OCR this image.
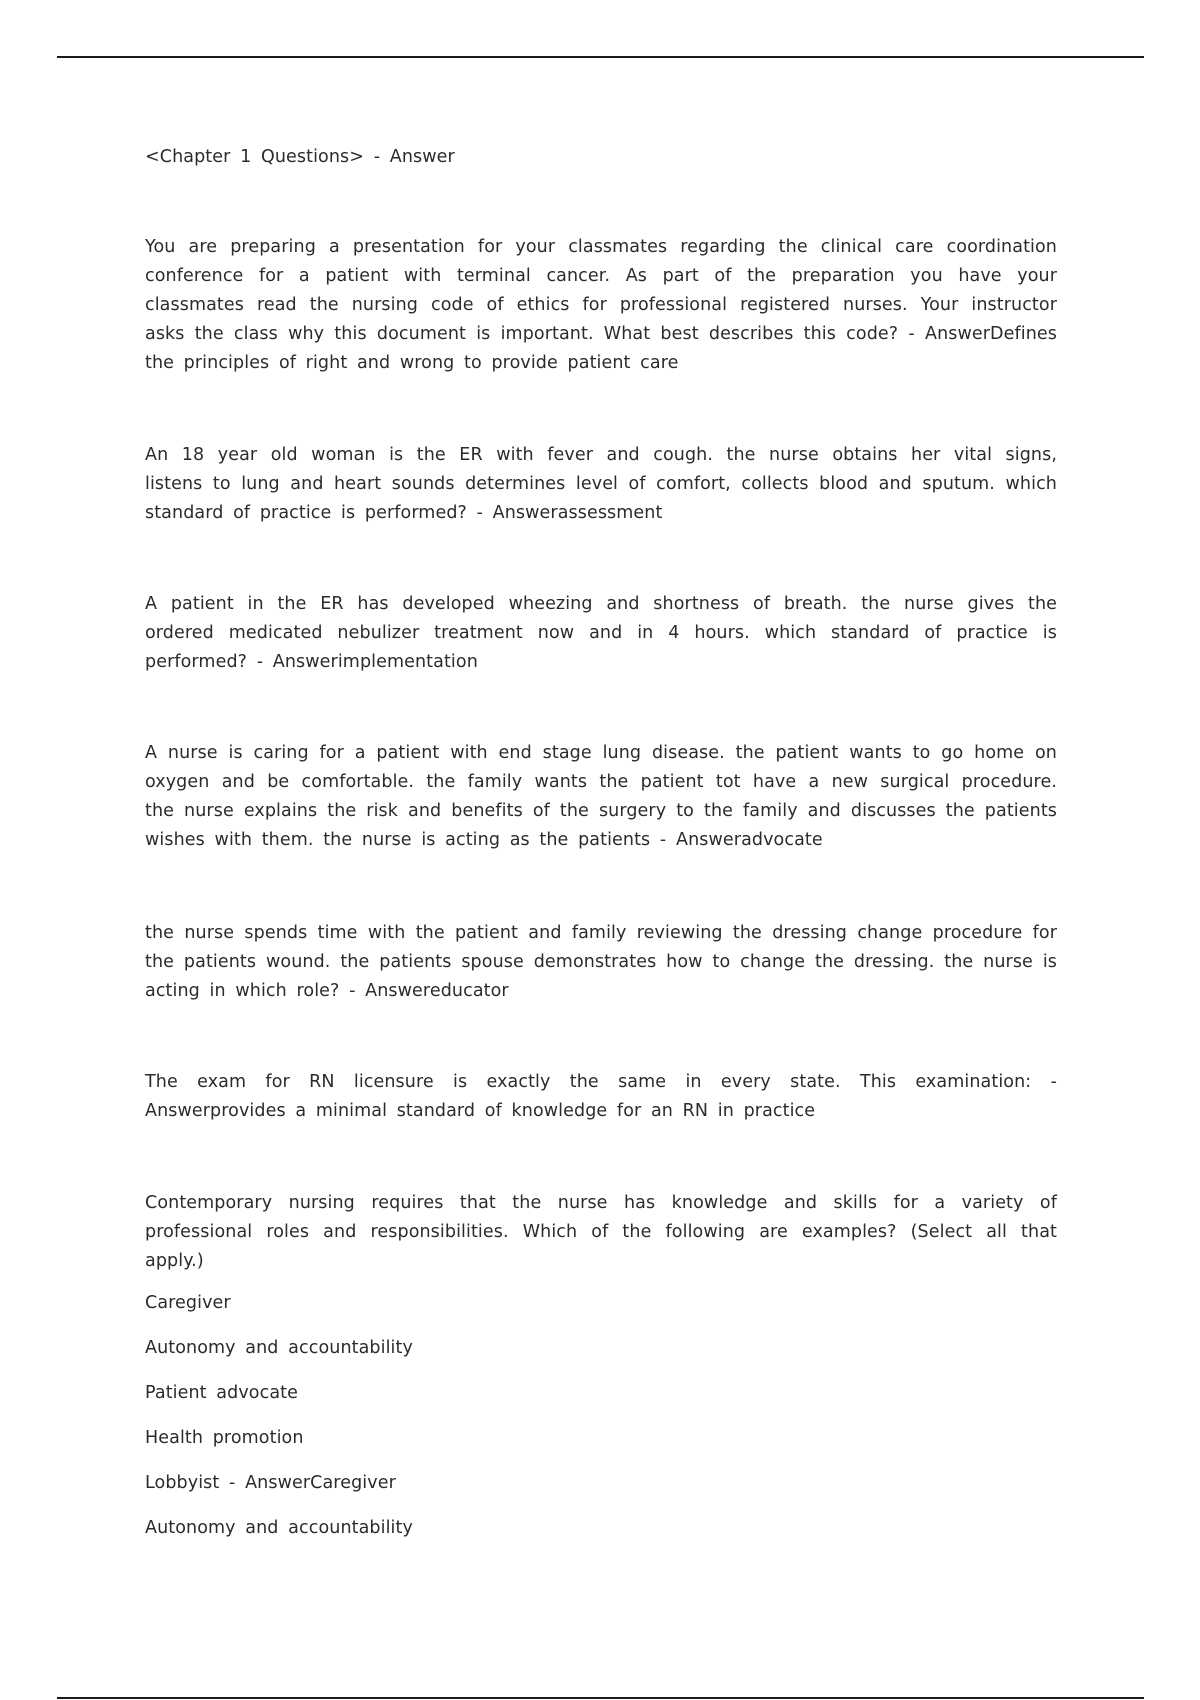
<Chapter 1 Questions> - Answer

You are preparing a presentation for your classmates regarding the clinical care coordination conference for a patient with terminal cancer. As part of the preparation you have your classmates read the nursing code of ethics for professional registered nurses. Your instructor asks the class why this document is important. What best describes this code? - AnswerDefines the principles of right and wrong to provide patient care

An 18 year old woman is the ER with fever and cough. the nurse obtains her vital signs, listens to lung and heart sounds determines level of comfort, collects blood and sputum. which standard of practice is performed? - Answerassessment

A patient in the ER has developed wheezing and shortness of breath. the nurse gives the ordered medicated nebulizer treatment now and in 4 hours. which standard of practice is performed? - Answerimplementation

A nurse is caring for a patient with end stage lung disease. the patient wants to go home on oxygen and be comfortable. the family wants the patient tot have a new surgical procedure. the nurse explains the risk and benefits of the surgery to the family and discusses the patients wishes with them. the nurse is acting as the patients - Answeradvocate

the nurse spends time with the patient and family reviewing the dressing change procedure for the patients wound. the patients spouse demonstrates how to change the dressing. the nurse is acting in which role? - Answereducator

The exam for RN licensure is exactly the same in every state. This examination: - Answerprovides a minimal standard of knowledge for an RN in practice

Contemporary nursing requires that the nurse has knowledge and skills for a variety of professional roles and responsibilities. Which of the following are examples? (Select all that apply.)

Caregiver
Autonomy and accountability
Patient advocate
Health promotion
Lobbyist - AnswerCaregiver
Autonomy and accountability
